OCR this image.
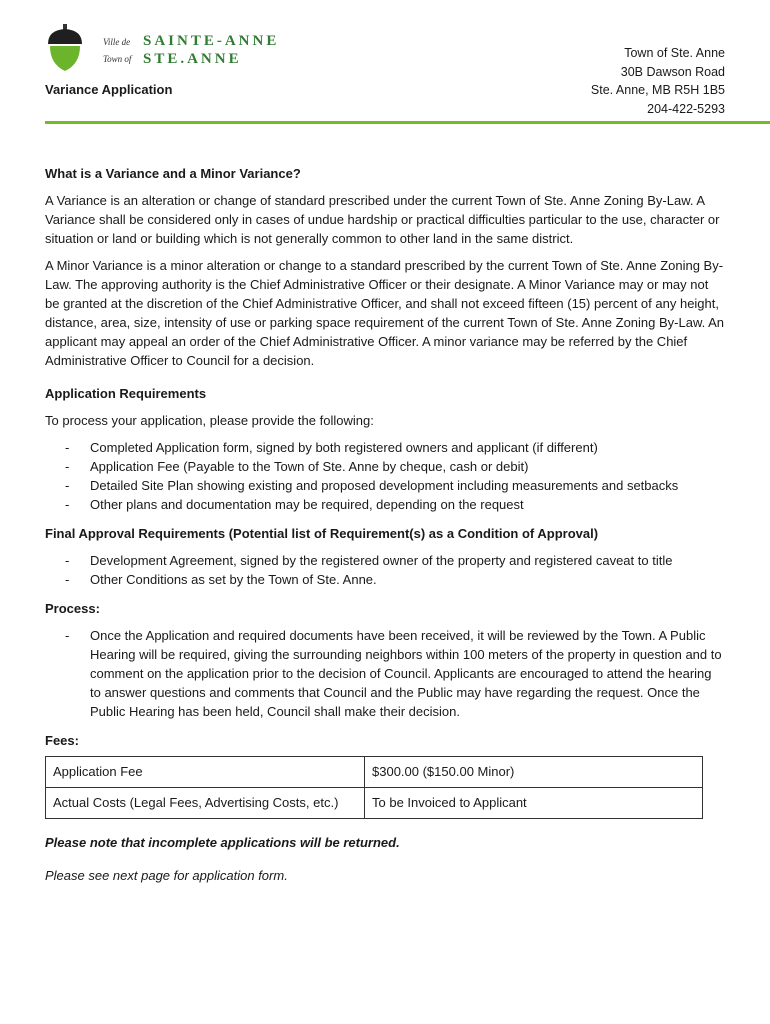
Ville de
Town of
SAINTE-ANNE
STE.ANNE
Variance Application
Town of Ste. Anne
30B Dawson Road
Ste. Anne, MB R5H 1B5
204-422-5293
What is a Variance and a Minor Variance?

A Variance is an alteration or change of standard prescribed under the current Town of Ste. Anne Zoning By-Law. A Variance shall be considered only in cases of undue hardship or practical difficulties particular to the use, character or situation or land or building which is not generally common to other land in the same district.

A Minor Variance is a minor alteration or change to a standard prescribed by the current Town of Ste. Anne Zoning By-Law. The approving authority is the Chief Administrative Officer or their designate. A Minor Variance may or may not be granted at the discretion of the Chief Administrative Officer, and shall not exceed fifteen (15) percent of any height, distance, area, size, intensity of use or parking space requirement of the current Town of Ste. Anne Zoning By-Law. An applicant may appeal an order of the Chief Administrative Officer. A minor variance may be referred by the Chief Administrative Officer to Council for a decision.

Application Requirements

To process your application, please provide the following:

- Completed Application form, signed by both registered owners and applicant (if different)
- Application Fee (Payable to the Town of Ste. Anne by cheque, cash or debit)
- Detailed Site Plan showing existing and proposed development including measurements and setbacks
- Other plans and documentation may be required, depending on the request
Final Approval Requirements (Potential list of Requirement(s) as a Condition of Approval)
- Development Agreement, signed by the registered owner of the property and registered caveat to title
- Other Conditions as set by the Town of Ste. Anne.
Process:
- Once the Application and required documents have been received, it will be reviewed by the Town. A Public Hearing will be required, giving the surrounding neighbors within 100 meters of the property in question and to comment on the application prior to the decision of Council. Applicants are encouraged to attend the hearing to answer questions and comments that Council and the Public may have regarding the request. Once the Public Hearing has been held, Council shall make their decision.
Fees:
Application Fee	$300.00 ($150.00 Minor)
Actual Costs (Legal Fees, Advertising Costs, etc.)	To be Invoiced to Applicant

Please note that incomplete applications will be returned.

Please see next page for application form.
